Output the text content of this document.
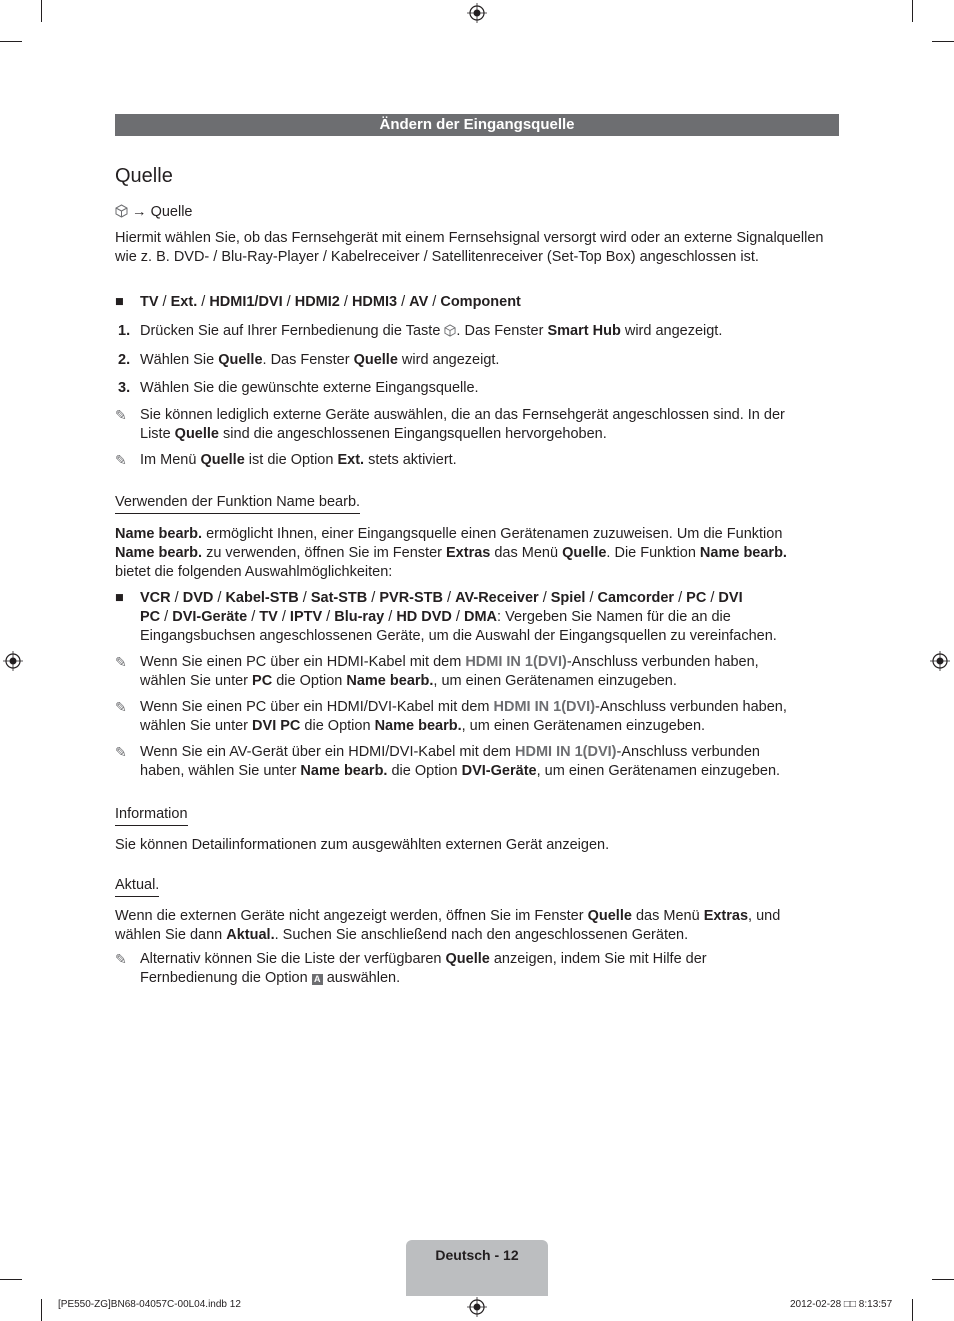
Ändern der Eingangsquelle
Quelle
→ Quelle
Hiermit wählen Sie, ob das Fernsehgerät mit einem Fernsehsignal versorgt wird oder an externe Signalquellen wie z. B. DVD- / Blu-Ray-Player / Kabelreceiver / Satellitenreceiver (Set-Top Box) angeschlossen ist.
■	TV / Ext. / HDMI1/DVI / HDMI2 / HDMI3 / AV / Component
1. Drücken Sie auf Ihrer Fernbedienung die Taste . Das Fenster Smart Hub wird angezeigt.
2. Wählen Sie Quelle. Das Fenster Quelle wird angezeigt.
3. Wählen Sie die gewünschte externe Eingangsquelle.
✎ Sie können lediglich externe Geräte auswählen, die an das Fernsehgerät angeschlossen sind. In der
Liste Quelle sind die angeschlossenen Eingangsquellen hervorgehoben.
✎ Im Menü Quelle ist die Option Ext. stets aktiviert.
Verwenden der Funktion Name bearb.
Name bearb. ermöglicht Ihnen, einer Eingangsquelle einen Gerätenamen zuzuweisen. Um die Funktion
Name bearb. zu verwenden, öffnen Sie im Fenster Extras das Menü Quelle. Die Funktion Name bearb.
bietet die folgenden Auswahlmöglichkeiten:
■	VCR / DVD / Kabel-STB / Sat-STB / PVR-STB / AV-Receiver / Spiel / Camcorder / PC / DVI
PC / DVI-Geräte / TV / IPTV / Blu-ray / HD DVD / DMA: Vergeben Sie Namen für die an die
Eingangsbuchsen angeschlossenen Geräte, um die Auswahl der Eingangsquellen zu vereinfachen.
✎ Wenn Sie einen PC über ein HDMI-Kabel mit dem HDMI IN 1(DVI)-Anschluss verbunden haben,
wählen Sie unter PC die Option Name bearb., um einen Gerätenamen einzugeben.
✎ Wenn Sie einen PC über ein HDMI/DVI-Kabel mit dem HDMI IN 1(DVI)-Anschluss verbunden haben,
wählen Sie unter DVI PC die Option Name bearb., um einen Gerätenamen einzugeben.
✎ Wenn Sie ein AV-Gerät über ein HDMI/DVI-Kabel mit dem HDMI IN 1(DVI)-Anschluss verbunden
haben, wählen Sie unter Name bearb. die Option DVI-Geräte, um einen Gerätenamen einzugeben.
Information
Sie können Detailinformationen zum ausgewählten externen Gerät anzeigen.
Aktual.
Wenn die externen Geräte nicht angezeigt werden, öffnen Sie im Fenster Quelle das Menü Extras, und
wählen Sie dann Aktual.. Suchen Sie anschließend nach den angeschlossenen Geräten.
✎ Alternativ können Sie die Liste der verfügbaren Quelle anzeigen, indem Sie mit Hilfe der
Fernbedienung die Option A auswählen.
Deutsch - 12
[PE550-ZG]BN68-04057C-00L04.indb 12	2012-02-28 □□ 8:13:57
